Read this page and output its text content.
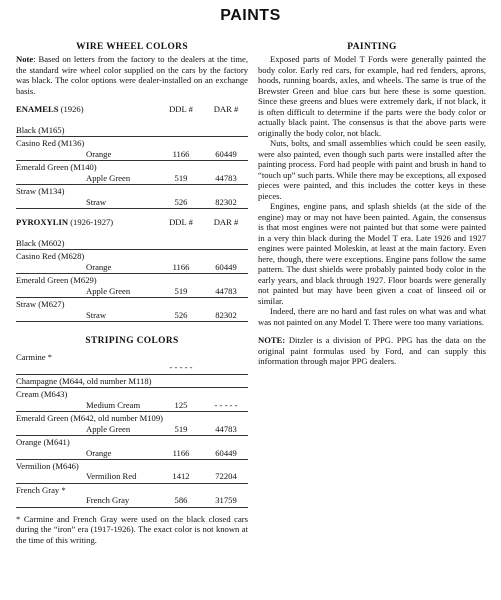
PAINTS
WIRE WHEEL COLORS

Note: Based on letters from the factory to the dealers at the time, the standard wire wheel color supplied on the cars by the factory was black. The color options were dealer-installed on an exchange basis.

ENAMELS (1926)	DDL #	DAR #
Black (M165)
Casino Red (M136)
Orange	1166	60449
Emerald Green (M140)
Apple Green	519	44783
Straw (M134)
Straw	526	82302
PYROXYLIN (1926-1927)	DDL #	DAR #
Black (M602)
Casino Red (M628)
Orange	1166	60449
Emerald Green (M629)
Apple Green	519	44783
Straw (M627)
Straw	526	82302
STRIPING COLORS
Carmine *
- - - - -
Champagne (M644, old number M118)
Cream (M643)
Medium Cream	125	- - - - -
Emerald Green (M642, old number M109)
Apple Green	519	44783
Orange (M641)
Orange	1166	60449
Vermilion (M646)
Vermilion Red	1412	72204
French Gray *
French Gray	586	31759

* Carmine and French Gray were used on the black closed cars during the “iron” era (1917-1926). The exact color is not known at the time of this writing.

PAINTING

Exposed parts of Model T Fords were generally painted the body color. Early red cars, for example, had red fenders, aprons, hoods, running boards, axles, and wheels. The same is true of the Brewster Green and blue cars but here these is some question. Since these greens and blues were extremely dark, if not black, it is often difficult to determine if the parts were the body color or actually black paint. The consensus is that the above parts were originally the body color, not black.

Nuts, bolts, and small assemblies which could be seen easily, were also painted, even though such parts were installed after the painting process. Ford had people with paint and brush in hand to “touch up” such parts. While there may be exceptions, all exposed pieces were painted, and this includes the cotter keys in these pieces.

Engines, engine pans, and splash shields (at the side of the engine) may or may not have been painted. Again, the consensus is that most engines were not painted but that some were painted in a very thin black during the Model T era. Late 1926 and 1927 engines were painted Moleskin, at least at the main factory. Even here, though, there were exceptions. Engine pans follow the same pattern. The dust shields were probably painted body color in the early years, and black through 1927. Floor boards were generally not painted but may have been given a coat of linseed oil or similar.

Indeed, there are no hard and fast rules on what was and what was not painted on any Model T. There were too many variations.

NOTE: Ditzler is a division of PPG. PPG has the data on the original paint formulas used by Ford, and can supply this information through major PPG dealers.
